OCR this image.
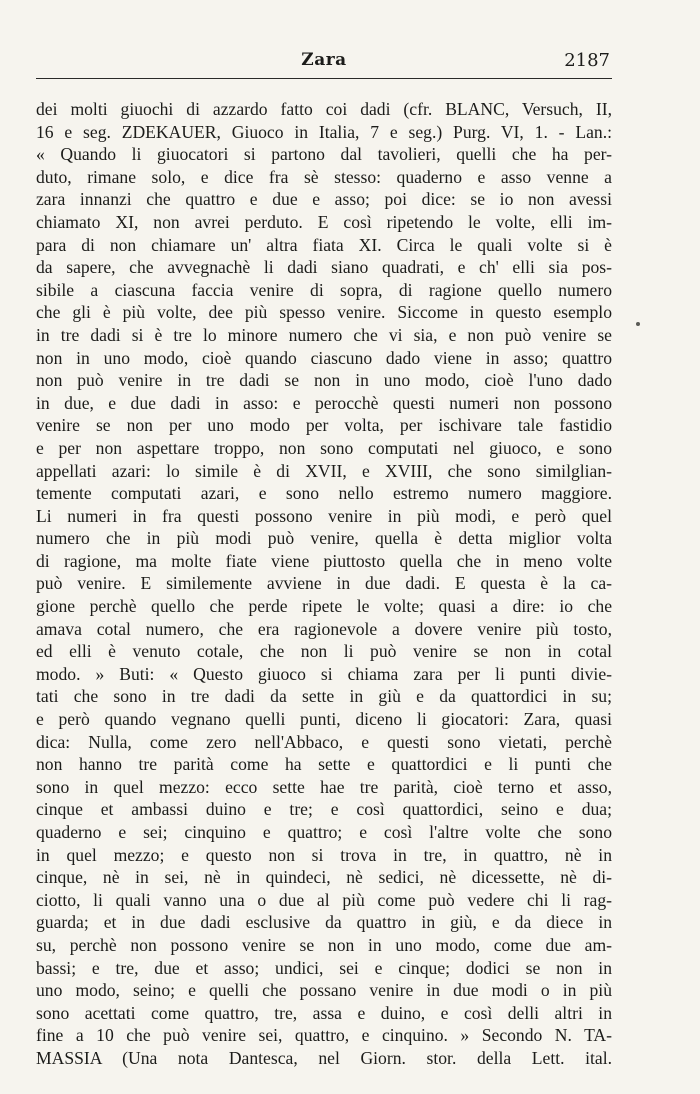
Zara	2187
dei molti giuochi di azzardo fatto coi dadi (cfr. BLANC, Versuch, II,
16 e seg. ZDEKAUER, Giuoco in Italia, 7 e seg.) Purg. VI, 1. - Lan.:
« Quando li giuocatori si partono dal tavolieri, quelli che ha per-
duto, rimane solo, e dice fra sè stesso: quaderno e asso venne a
zara innanzi che quattro e due e asso; poi dice: se io non avessi
chiamato XI, non avrei perduto. E così ripetendo le volte, elli im-
para di non chiamare un' altra fiata XI. Circa le quali volte si è
da sapere, che avvegnachè li dadi siano quadrati, e ch' elli sia pos-
sibile a ciascuna faccia venire di sopra, di ragione quello numero
che gli è più volte, dee più spesso venire. Siccome in questo esemplo
in tre dadi si è tre lo minore numero che vi sia, e non può venire se
non in uno modo, cioè quando ciascuno dado viene in asso; quattro
non può venire in tre dadi se non in uno modo, cioè l'uno dado
in due, e due dadi in asso: e perocchè questi numeri non possono
venire se non per uno modo per volta, per ischivare tale fastidio
e per non aspettare troppo, non sono computati nel giuoco, e sono
appellati azari: lo simile è di XVII, e XVIII, che sono similglian-
temente computati azari, e sono nello estremo numero maggiore.
Li numeri in fra questi possono venire in più modi, e però quel
numero che in più modi può venire, quella è detta miglior volta
di ragione, ma molte fiate viene piuttosto quella che in meno volte
può venire. E similemente avviene in due dadi. E questa è la ca-
gione perchè quello che perde ripete le volte; quasi a dire: io che
amava cotal numero, che era ragionevole a dovere venire più tosto,
ed elli è venuto cotale, che non li può venire se non in cotal
modo. » Buti: « Questo giuoco si chiama zara per li punti divie-
tati che sono in tre dadi da sette in giù e da quattordici in su;
e però quando vegnano quelli punti, diceno li giocatori: Zara, quasi
dica: Nulla, come zero nell'Abbaco, e questi sono vietati, perchè
non hanno tre parità come ha sette e quattordici e li punti che
sono in quel mezzo: ecco sette hae tre parità, cioè terno et asso,
cinque et ambassi duino e tre; e così quattordici, seino e dua;
quaderno e sei; cinquino e quattro; e così l'altre volte che sono
in quel mezzo; e questo non si trova in tre, in quattro, nè in
cinque, nè in sei, nè in quindeci, nè sedici, nè dicessette, nè di-
ciotto, li quali vanno una o due al più come può vedere chi li rag-
guarda; et in due dadi esclusive da quattro in giù, e da diece in
su, perchè non possono venire se non in uno modo, come due am-
bassi; e tre, due et asso; undici, sei e cinque; dodici se non in
uno modo, seino; e quelli che possano venire in due modi o in più
sono acettati come quattro, tre, assa e duino, e così delli altri in
fine a 10 che può venire sei, quattro, e cinquino. » Secondo N. TA-
MASSIA (Una nota Dantesca, nel Giorn. stor. della Lett. ital.
